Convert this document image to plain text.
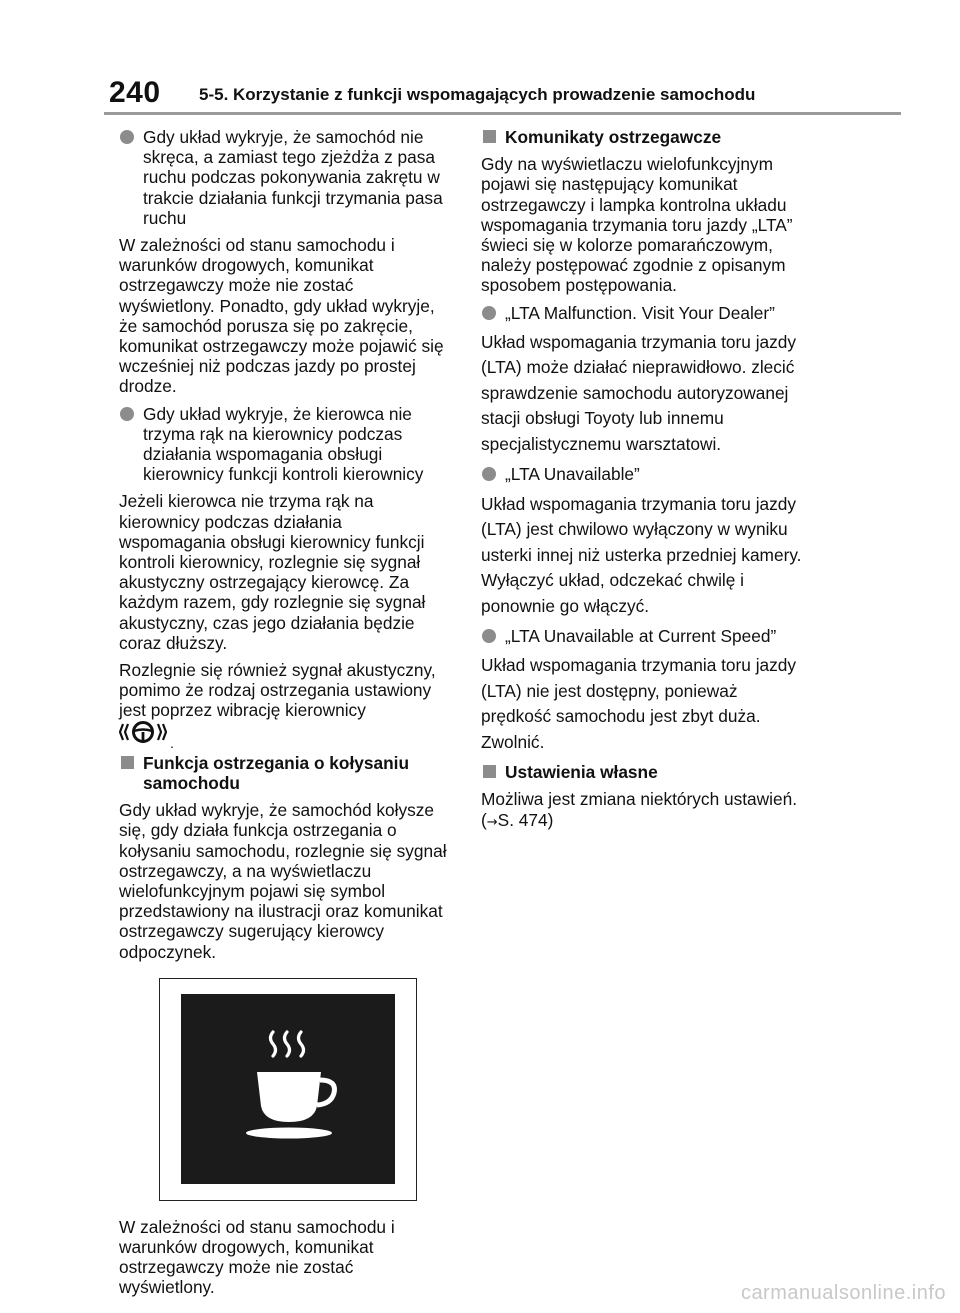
240 5-5. Korzystanie z funkcji wspomagających prowadzenie samochodu
Gdy układ wykryje, że samochód nie skręca, a zamiast tego zjeżdża z pasa ruchu podczas pokonywania zakrętu w trakcie działania funkcji trzymania pasa ruchu

W zależności od stanu samochodu i warunków drogowych, komunikat ostrzegawczy może nie zostać wyświetlony. Ponadto, gdy układ wykryje, że samochód porusza się po zakręcie, komunikat ostrzegawczy może pojawić się wcześniej niż podczas jazdy po prostej drodze.

Gdy układ wykryje, że kierowca nie trzyma rąk na kierownicy podczas działania wspomagania obsługi kierownicy funkcji kontroli kierownicy

Jeżeli kierowca nie trzyma rąk na kierownicy podczas działania wspomagania obsługi kierownicy funkcji kontroli kierownicy, rozlegnie się sygnał akustyczny ostrzegający kierowcę. Za każdym razem, gdy rozlegnie się sygnał akustyczny, czas jego działania będzie coraz dłuższy.

Rozlegnie się również sygnał akustyczny, pomimo że rodzaj ostrzegania ustawiony jest poprzez wibrację kierownicy

.
Funkcja ostrzegania o kołysaniu samochodu

Gdy układ wykryje, że samochód kołysze się, gdy działa funkcja ostrzegania o kołysaniu samochodu, rozlegnie się sygnał ostrzegawczy, a na wyświetlaczu wielofunkcyjnym pojawi się symbol przedstawiony na ilustracji oraz komunikat ostrzegawczy sugerujący kierowcy odpoczynek.

W zależności od stanu samochodu i warunków drogowych, komunikat ostrzegawczy może nie zostać wyświetlony.

Komunikaty ostrzegawcze

Gdy na wyświetlaczu wielofunkcyjnym pojawi się następujący komunikat ostrzegawczy i lampka kontrolna układu wspomagania trzymania toru jazdy „LTA” świeci się w kolorze pomarańczowym, należy postępować zgodnie z opisanym sposobem postępowania.

„LTA Malfunction. Visit Your Dealer”

Układ wspomagania trzymania toru jazdy (LTA) może działać nieprawidłowo. zlecić sprawdzenie samochodu autoryzowanej stacji obsługi Toyoty lub innemu specjalistycznemu warsztatowi.

„LTA Unavailable”

Układ wspomagania trzymania toru jazdy (LTA) jest chwilowo wyłączony w wyniku usterki innej niż usterka przedniej kamery. Wyłączyć układ, odczekać chwilę i ponownie go włączyć.

„LTA Unavailable at Current Speed”

Układ wspomagania trzymania toru jazdy (LTA) nie jest dostępny, ponieważ prędkość samochodu jest zbyt duża. Zwolnić.

Ustawienia własne

Możliwa jest zmiana niektórych ustawień.
(→S. 474)

carmanualsonline.info
